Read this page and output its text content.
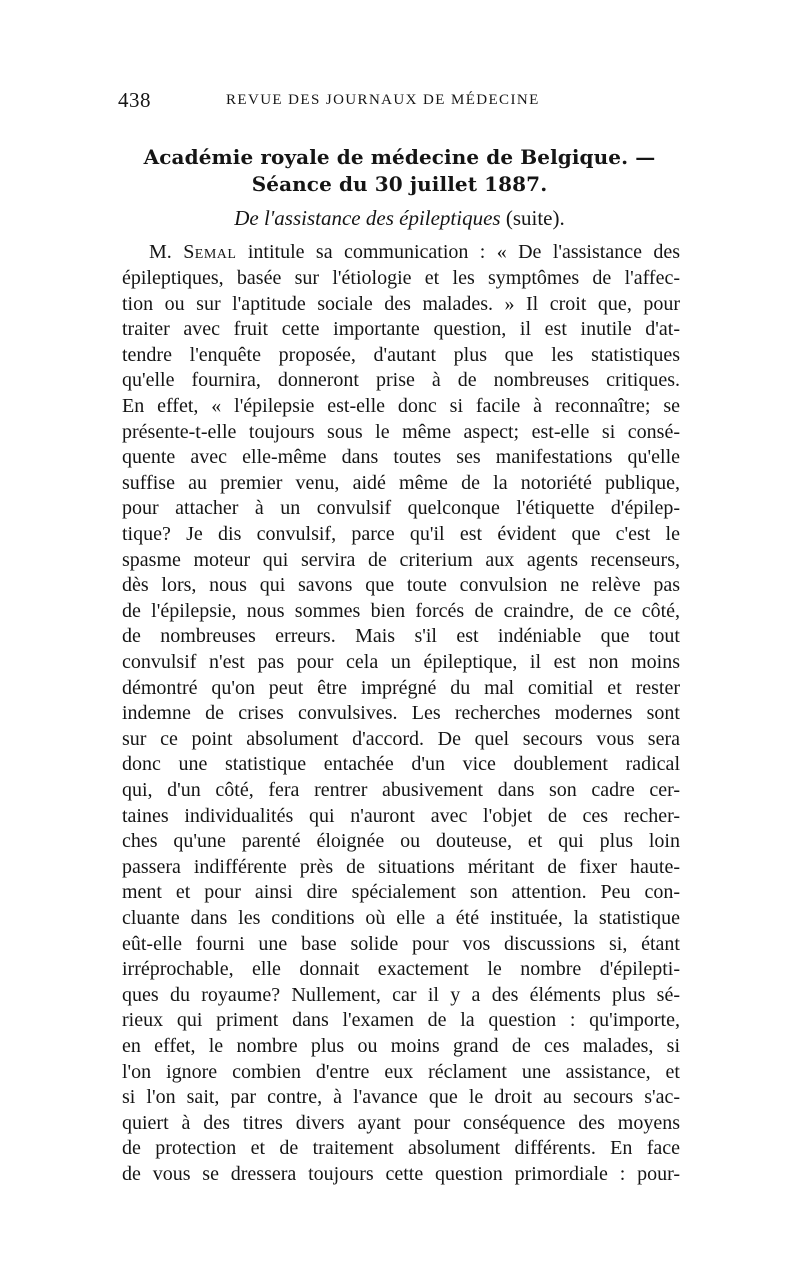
438	REVUE DES JOURNAUX DE MÉDECINE
Académie royale de médecine de Belgique. —
Séance du 30 juillet 1887.
De l'assistance des épileptiques (suite).
M. Semal intitule sa communication : « De l'assistance des
épileptiques, basée sur l'étiologie et les symptômes de l'affec-
tion ou sur l'aptitude sociale des malades. » Il croit que, pour
traiter avec fruit cette importante question, il est inutile d'at-
tendre l'enquête proposée, d'autant plus que les statistiques
qu'elle fournira, donneront prise à de nombreuses critiques.
En effet, « l'épilepsie est-elle donc si facile à reconnaître; se
présente-t-elle toujours sous le même aspect; est-elle si consé-
quente avec elle-même dans toutes ses manifestations qu'elle
suffise au premier venu, aidé même de la notoriété publique,
pour attacher à un convulsif quelconque l'étiquette d'épilep-
tique? Je dis convulsif, parce qu'il est évident que c'est le
spasme moteur qui servira de criterium aux agents recenseurs,
dès lors, nous qui savons que toute convulsion ne relève pas
de l'épilepsie, nous sommes bien forcés de craindre, de ce côté,
de nombreuses erreurs. Mais s'il est indéniable que tout
convulsif n'est pas pour cela un épileptique, il est non moins
démontré qu'on peut être imprégné du mal comitial et rester
indemne de crises convulsives. Les recherches modernes sont
sur ce point absolument d'accord. De quel secours vous sera
donc une statistique entachée d'un vice doublement radical
qui, d'un côté, fera rentrer abusivement dans son cadre cer-
taines individualités qui n'auront avec l'objet de ces recher-
ches qu'une parenté éloignée ou douteuse, et qui plus loin
passera indifférente près de situations méritant de fixer haute-
ment et pour ainsi dire spécialement son attention. Peu con-
cluante dans les conditions où elle a été instituée, la statistique
eût-elle fourni une base solide pour vos discussions si, étant
irréprochable, elle donnait exactement le nombre d'épilepti-
ques du royaume? Nullement, car il y a des éléments plus sé-
rieux qui priment dans l'examen de la question : qu'importe,
en effet, le nombre plus ou moins grand de ces malades, si
l'on ignore combien d'entre eux réclament une assistance, et
si l'on sait, par contre, à l'avance que le droit au secours s'ac-
quiert à des titres divers ayant pour conséquence des moyens
de protection et de traitement absolument différents. En face
de vous se dressera toujours cette question primordiale : pour-
